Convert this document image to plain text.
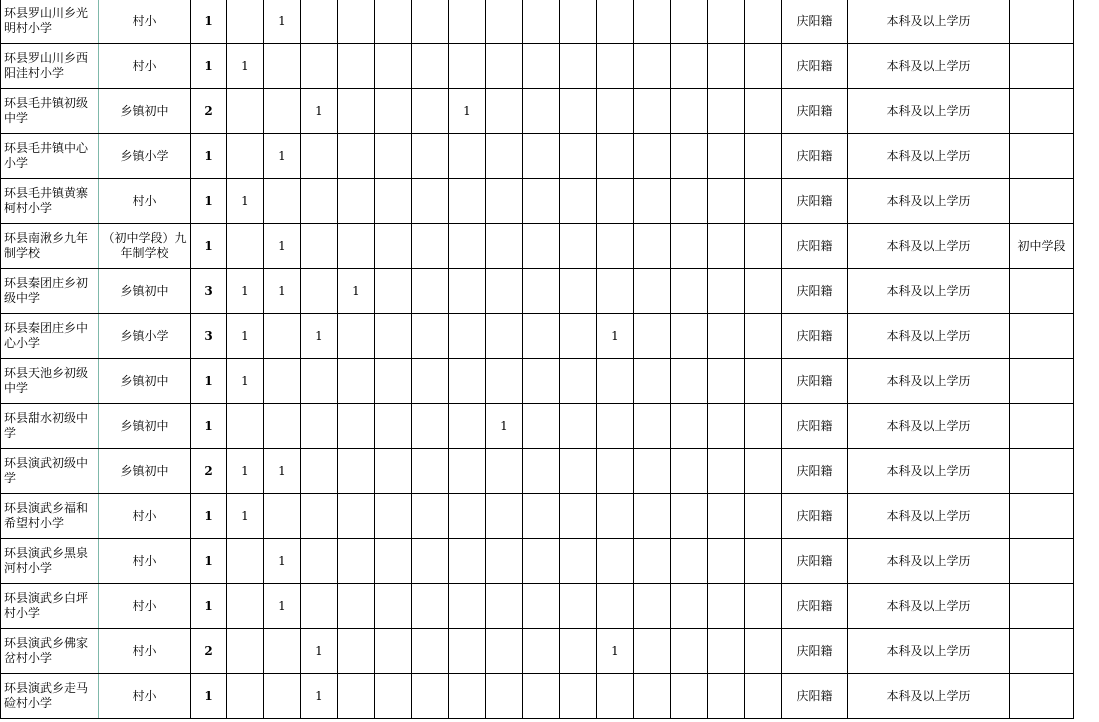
环县罗山川乡光明村小学	村小	1		1														庆阳籍	本科及以上学历	
环县罗山川乡西阳洼村小学	村小	1	1															庆阳籍	本科及以上学历	
环县毛井镇初级中学	乡镇初中	2			1				1									庆阳籍	本科及以上学历	
环县毛井镇中心小学	乡镇小学	1		1														庆阳籍	本科及以上学历	
环县毛井镇黄寨柯村小学	村小	1	1															庆阳籍	本科及以上学历	
环县南湫乡九年制学校	（初中学段）九年制学校	1		1														庆阳籍	本科及以上学历	初中学段
环县秦团庄乡初级中学	乡镇初中	3	1	1		1												庆阳籍	本科及以上学历	
环县秦团庄乡中心小学	乡镇小学	3	1		1								1					庆阳籍	本科及以上学历	
环县天池乡初级中学	乡镇初中	1	1															庆阳籍	本科及以上学历	
环县甜水初级中学	乡镇初中	1								1								庆阳籍	本科及以上学历	
环县演武初级中学	乡镇初中	2	1	1														庆阳籍	本科及以上学历	
环县演武乡福和希望村小学	村小	1	1															庆阳籍	本科及以上学历	
环县演武乡黑泉河村小学	村小	1		1														庆阳籍	本科及以上学历	
环县演武乡白坪村小学	村小	1		1														庆阳籍	本科及以上学历	
环县演武乡佛家岔村小学	村小	2			1								1					庆阳籍	本科及以上学历	
环县演武乡走马硷村小学	村小	1			1													庆阳籍	本科及以上学历	
